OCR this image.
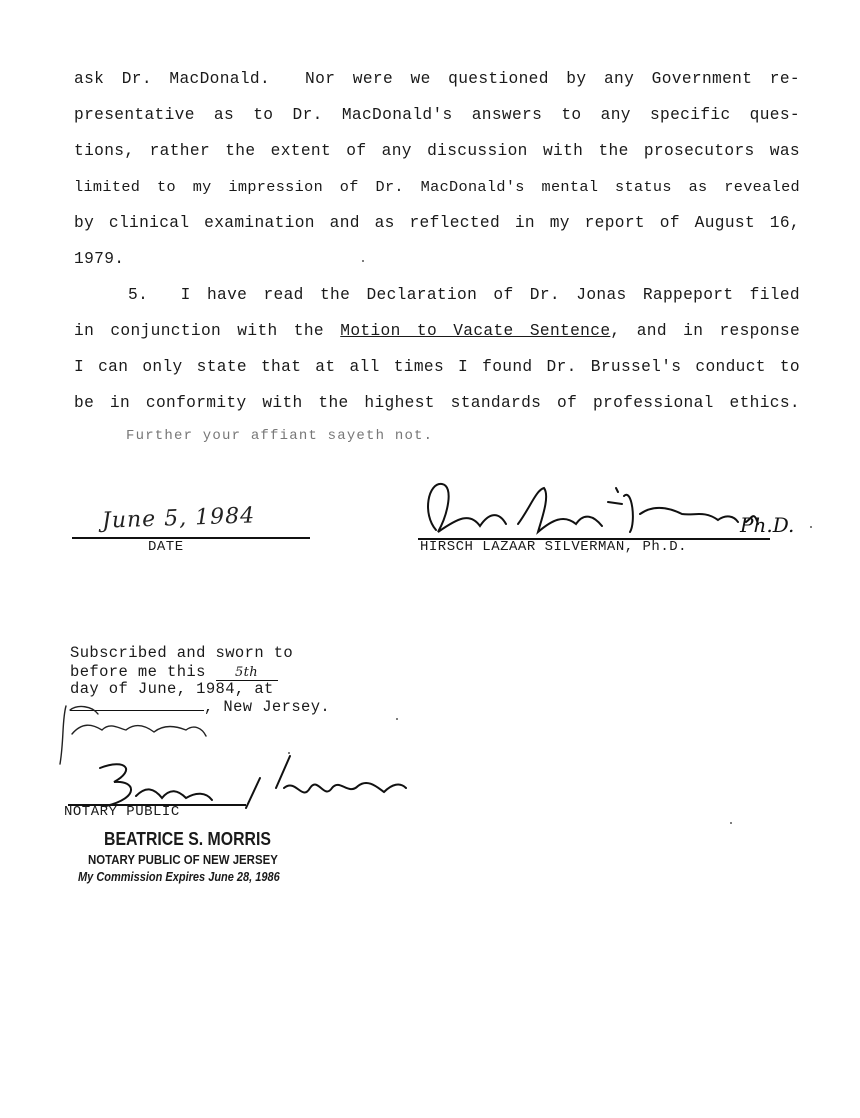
ask Dr. MacDonald.  Nor were we questioned by any Government re-
presentative as to Dr. MacDonald's answers to any specific ques-
tions, rather the extent of any discussion with the prosecutors was
limited to my impression of Dr. MacDonald's mental status as revealed
by clinical examination and as reflected in my report of August 16,
1979.
5.  I have read the Declaration of Dr. Jonas Rappeport filed
in conjunction with the Motion to Vacate Sentence, and in response
I can only state that at all times I found Dr. Brussel's conduct to
be in conformity with the highest standards of professional ethics.
Further your affiant sayeth not.
June 5, 1984
DATE
Ph.D.
HIRSCH LAZAAR SILVERMAN, Ph.D.
Subscribed and sworn to
before me this 5th
day of June, 1984, at
, New Jersey.
NOTARY PUBLIC
BEATRICE S. MORRIS
NOTARY PUBLIC OF NEW JERSEY
My Commission Expires June 28, 1986
